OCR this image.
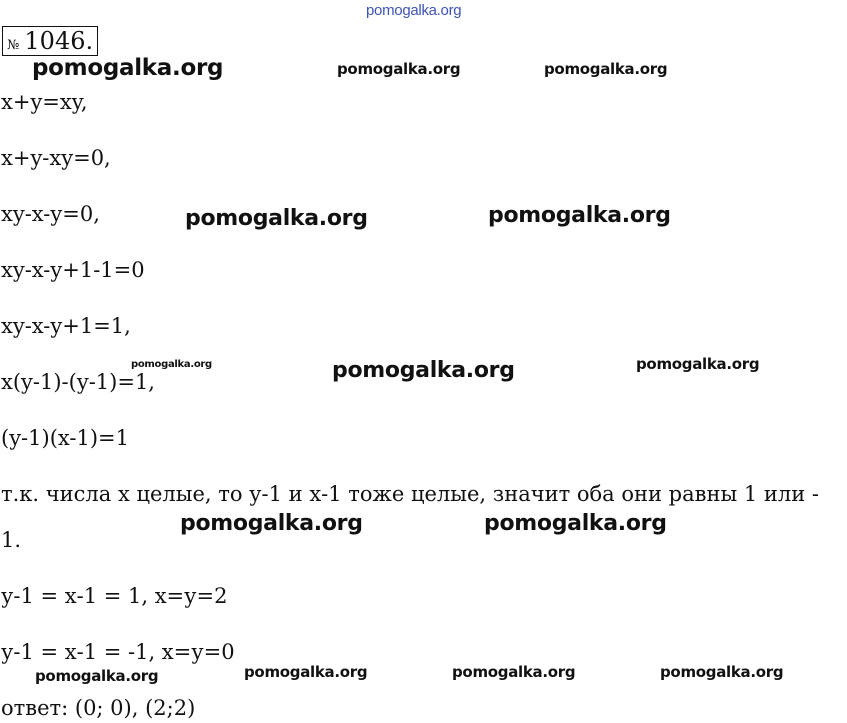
pomogalka.org
№ 1046.
pomogalka.org	pomogalka.org	pomogalka.org
x+y=xy,
x+y-xy=0,
xy-x-y=0,	pomogalka.org	pomogalka.org
xy-x-y+1-1=0
xy-x-y+1=1,
pomogalka.org
x(y-1)-(y-1)=1,	pomogalka.org	pomogalka.org
(y-1)(x-1)=1
т.к. числа х целые, то у-1 и х-1 тоже целые, значит оба они равны 1 или -
pomogalka.org	pomogalka.org
1.
у-1 = х-1 = 1, х=у=2
у-1 = х-1 = -1, х=у=0
pomogalka.org	pomogalka.org	pomogalka.org	pomogalka.org
ответ: (0; 0), (2;2)
